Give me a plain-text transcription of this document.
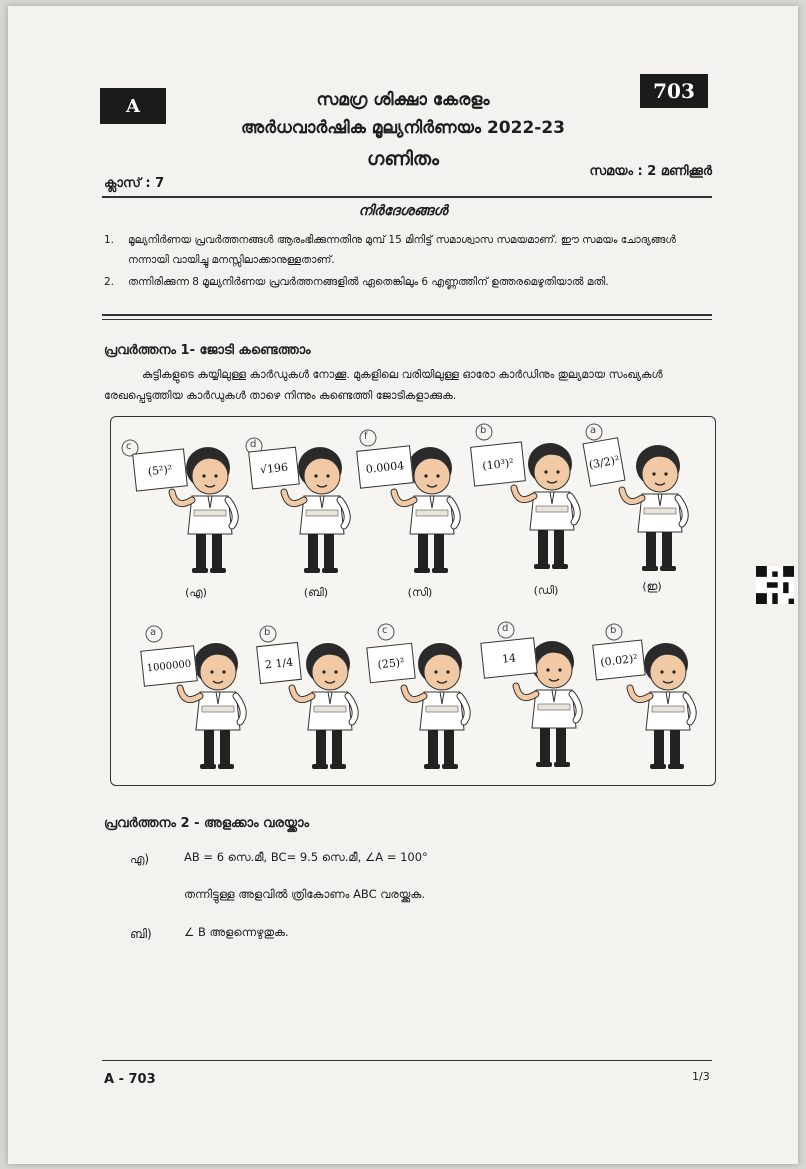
A
703
സമഗ്ര ശിക്ഷാ കേരളം
അർധവാർഷിക മൂല്യനിർണയം 2022-23
ഗണിതം
ക്ലാസ് : 7
സമയം : 2 മണിക്കൂർ
നിർദേശങ്ങൾ
1. മൂല്യനിർണയ പ്രവർത്തനങ്ങൾ ആരംഭിക്കുന്നതിനു മുമ്പ് 15 മിനിട്ട് സമാശ്വാസ സമയമാണ്. ഈ സമയം ചോദ്യങ്ങൾ നന്നായി വായിച്ചു മനസ്സിലാക്കാനുള്ളതാണ്.
2. തന്നിരിക്കുന്ന 8 മൂല്യനിർണയ പ്രവർത്തനങ്ങളിൽ ഏതെങ്കിലും 6 എണ്ണത്തിന് ഉത്തരമെഴുതിയാൽ മതി.
പ്രവർത്തനം 1- ജോടി കണ്ടെത്താം
കുട്ടികളുടെ കയ്യിലുള്ള കാർഡുകൾ നോക്കൂ. മുകളിലെ വരിയിലുള്ള ഓരോ കാർഡിനും തുല്യമായ സംഖ്യകൾ രേഖപ്പെടുത്തിയ കാർഡുകൾ താഴെ നിന്നും കണ്ടെത്തി ജോടികളാക്കുക.
c	d
f
b	a
a	b	c	d	b
(5²)²	√196	0.0004	(10³)²	(3/2)²
(എ)	(ബി)	(സി)	(ഡി)	(ഇ)
1000000	2 1/4	(25)²	14	(0.02)²
പ്രവർത്തനം 2 - അളക്കാം വരയ്ക്കാം
എ)	AB = 6 സെ.മീ, BC= 9.5 സെ.മീ, ∠A = 100°
തന്നിട്ടുള്ള അളവിൽ ത്രികോണം ABC വരയ്ക്കുക.
ബി)	∠ B അളന്നെഴുതുക.
A - 703	1/3
